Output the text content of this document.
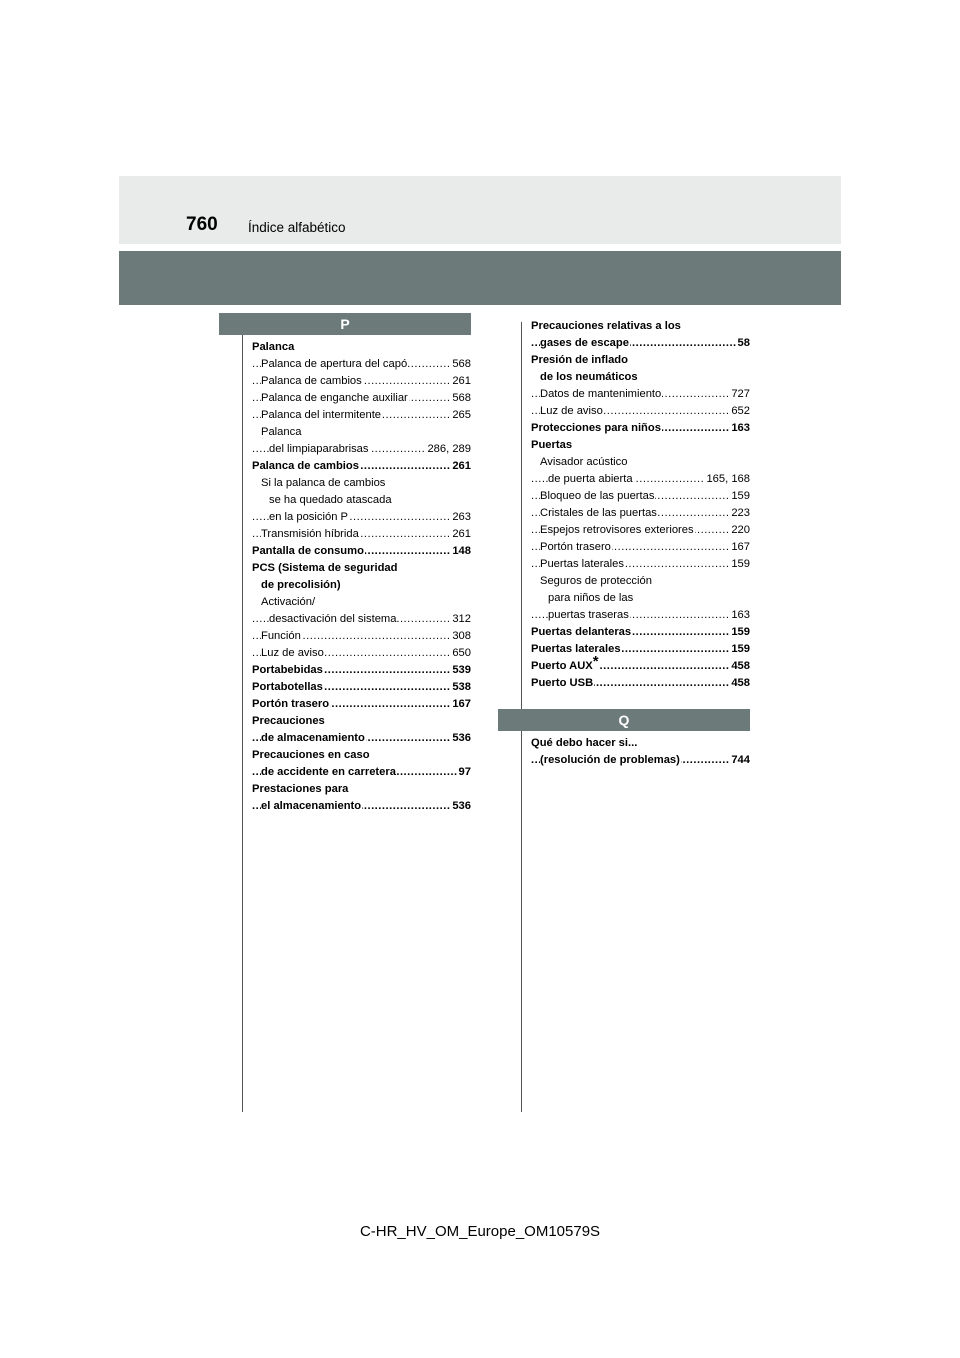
760 Índice alfabético
P
Palanca
..... Palanca de apertura del capó	568
..... Palanca de cambios	261
..... Palanca de enganche auxiliar	568
..... Palanca del intermitente	265
Palanca
..... del limpiaparabrisas	286, 289
..... Palanca de cambios	261
Si la palanca de cambios
se ha quedado atascada
..... en la posición P	263
..... Transmisión híbrida	261
..... Pantalla de consumo	148
PCS (Sistema de seguridad
de precolisión)
Activación/
..... desactivación del sistema	312
..... Función	308
..... Luz de aviso	650
..... Portabebidas	539
..... Portabotellas	538
..... Portón trasero	167
Precauciones
..... de almacenamiento	536
Precauciones en caso
..... de accidente en carretera	97
Prestaciones para
..... el almacenamiento	536
Precauciones relativas a los
..... gases de escape	58
Presión de inflado
de los neumáticos
..... Datos de mantenimiento	727
..... Luz de aviso	652
..... Protecciones para niños	163
Puertas
Avisador acústico
..... de puerta abierta	165, 168
..... Bloqueo de las puertas	159
..... Cristales de las puertas	223
..... Espejos retrovisores exteriores	220
..... Portón trasero	167
..... Puertas laterales	159
Seguros de protección
para niños de las
..... puertas traseras	163
..... Puertas delanteras	159
..... Puertas laterales	159
..... Puerto AUX*	458
..... Puerto USB	458
Q
Qué debo hacer si...
..... (resolución de problemas)	744
C-HR_HV_OM_Europe_OM10579S
